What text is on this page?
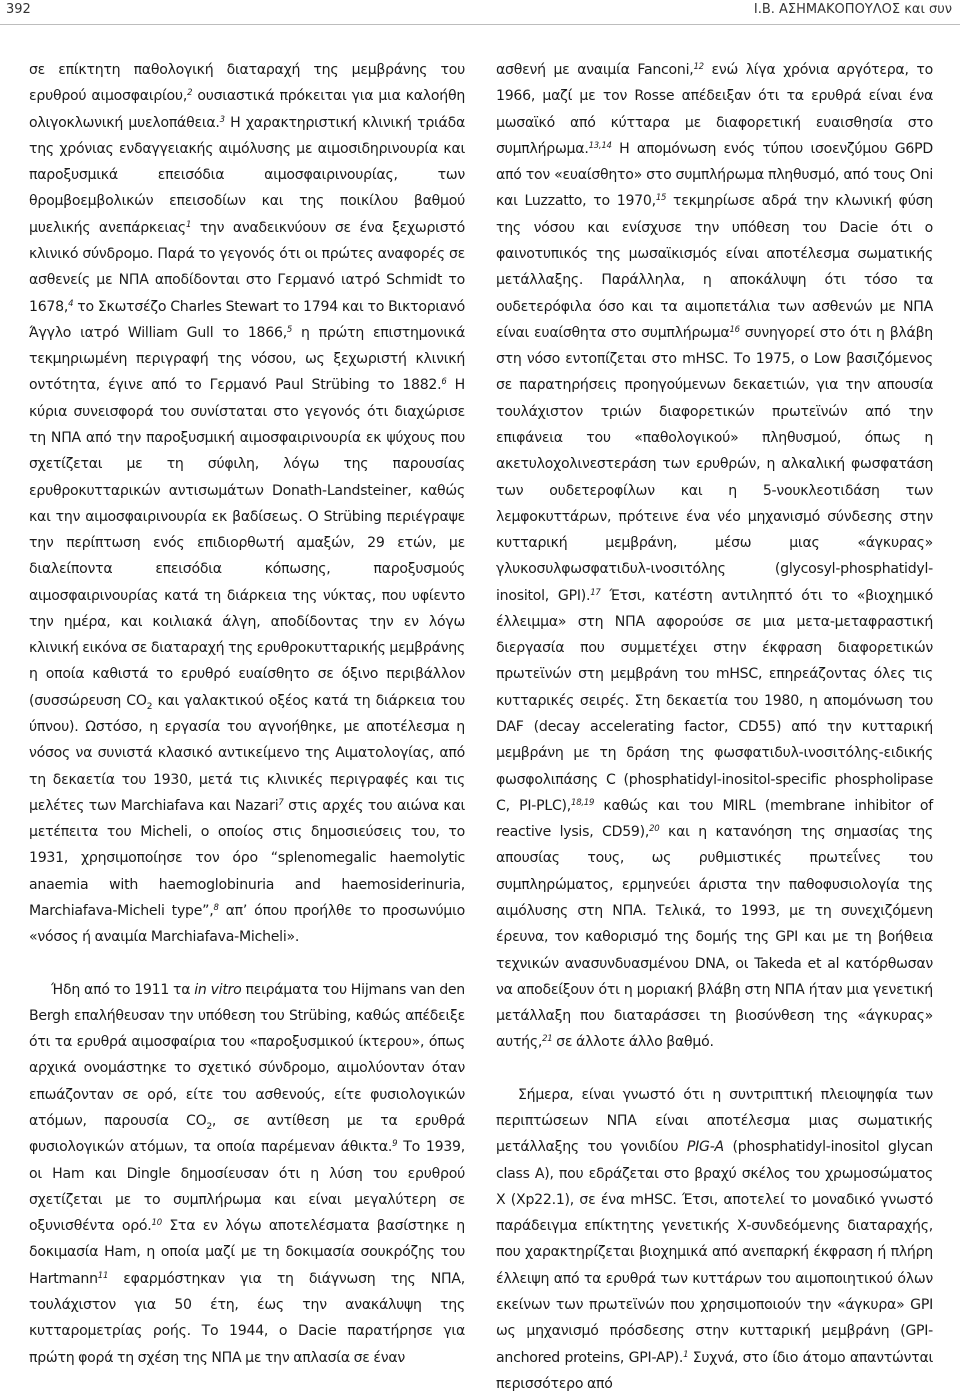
392	I.B. ΑΣΗΜΑΚΟΠΟΥΛΟΣ και συν

σε επίκτητη παθολογική διαταραχή της μεμβράνης του ερυθρού αιμοσφαιρίου,$^2$ ουσιαστικά πρόκειται για μια καλοήθη ολιγοκλωνική μυελοπάθεια.$^3$ Η χαρακτηριστική κλινική τριάδα της χρόνιας ενδαγγειακής αιμόλυσης με αιμοσιδηρινουρία και παροξυσμικά επεισόδια αιμοσφαιρινουρίας, των θρομβοεμβολικών επεισοδίων και της ποικίλου βαθμού μυελικής ανεπάρκειας$^1$ την αναδεικνύουν σε ένα ξεχωριστό κλινικό σύνδρομο. Παρά το γεγονός ότι οι πρώτες αναφορές σε ασθενείς με ΝΠΑ αποδίδονται στο Γερμανό ιατρό Schmidt το 1678,$^4$ το Σκωτσέζο Charles Stewart το 1794 και το Βικτοριανό Άγγλο ιατρό William Gull το 1866,$^5$ η πρώτη επιστημονικά τεκμηριωμένη περιγραφή της νόσου, ως ξεχωριστή κλινική οντότητα, έγινε από το Γερμανό Paul Strübing το 1882.$^6$ Η κύρια συνεισφορά του συνίσταται στο γεγονός ότι διαχώρισε τη ΝΠΑ από την παροξυσμική αιμοσφαιρινουρία εκ ψύχους που σχετίζεται με τη σύφιλη, λόγω της παρουσίας ερυθροκυτταρικών αντισωμάτων Donath-Landsteiner, καθώς και την αιμοσφαιρινουρία εκ βαδίσεως. Ο Strübing περιέγραψε την περίπτωση ενός επιδιορθωτή αμαξών, 29 ετών, με διαλείποντα επεισόδια κόπωσης, παροξυσμούς αιμοσφαιρινουρίας κατά τη διάρκεια της νύκτας, που υφίεντο την ημέρα, και κοιλιακά άλγη, αποδίδοντας την εν λόγω κλινική εικόνα σε διαταραχή της ερυθροκυτταρικής μεμβράνης η οποία καθιστά το ερυθρό ευαίσθητο σε όξινο περιβάλλον (συσσώρευση $CO_2$ και γαλακτικού οξέος κατά τη διάρκεια του ύπνου). Ωστόσο, η εργασία του αγνοήθηκε, με αποτέλεσμα η νόσος να συνιστά κλασικό αντικείμενο της Αιματολογίας, από τη δεκαετία του 1930, μετά τις κλινικές περιγραφές και τις μελέτες των Marchiafava και Nazari$^7$ στις αρχές του αιώνα και μετέπειτα του Micheli, ο οποίος στις δημοσιεύσεις του, το 1931, χρησιμοποίησε τον όρο “splenomegalic haemolytic anaemia with haemoglobinuria and haemosiderinuria, Marchiafava-Micheli type”,$^8$ απ’ όπου προήλθε το προσωνύμιο «νόσος ή αναιμία Marchiafava-Micheli».

Ήδη από το 1911 τα in vitro πειράματα του Hijmans van den Bergh επαλήθευσαν την υπόθεση του Strübing, καθώς απέδειξε ότι τα ερυθρά αιμοσφαίρια του «παροξυσμικού ίκτερου», όπως αρχικά ονομάστηκε το σχετικό σύνδρομο, αιμολύονταν όταν επωάζονταν σε ορό, είτε του ασθενούς, είτε φυσιολογικών ατόμων, παρουσία $CO_2$, σε αντίθεση με τα ερυθρά φυσιολογικών ατόμων, τα οποία παρέμεναν άθικτα.$^9$ Το 1939, οι Ham και Dingle δημοσίευσαν ότι η λύση του ερυθρού σχετίζεται με το συμπλήρωμα και είναι μεγαλύτερη σε οξυνισθέντα ορό.$^{10}$ Στα εν λόγω αποτελέσματα βασίστηκε η δοκιμασία Ham, η οποία μαζί με τη δοκιμασία σουκρόζης του Hartmann$^{11}$ εφαρμόστηκαν για τη διάγνωση της ΝΠΑ, τουλάχιστον για 50 έτη, έως την ανακάλυψη της κυτταρομετρίας ροής. Το 1944, ο Dacie παρατήρησε για πρώτη φορά τη σχέση της ΝΠΑ με την απλασία σε έναν

ασθενή με αναιμία Fanconi,$^{12}$ ενώ λίγα χρόνια αργότερα, το 1966, μαζί με τον Rosse απέδειξαν ότι τα ερυθρά είναι ένα μωσαϊκό από κύτταρα με διαφορετική ευαισθησία στο συμπλήρωμα.$^{13,14}$ Η απομόνωση ενός τύπου ισοενζύμου G6PD από τον «ευαίσθητο» στο συμπλήρωμα πληθυσμό, από τους Oni και Luzzatto, το 1970,15 τεκμηρίωσε αδρά την κλωνική φύση της νόσου και ενίσχυσε την υπόθεση του Dacie ότι ο φαινοτυπικός της μωσαϊκισμός είναι αποτέλεσμα σωματικής μετάλλαξης. Παράλληλα, η αποκάλυψη ότι τόσο τα ουδετερόφιλα όσο και τα αιμοπετάλια των ασθενών με ΝΠΑ είναι ευαίσθητα στο συμπλήρωμα$^{16}$ συνηγορεί στο ότι η βλάβη στη νόσο εντοπίζεται στο mHSC. Το 1975, ο Low βασιζόμενος σε παρατηρήσεις προηγούμενων δεκαετιών, για την απουσία τουλάχιστον τριών διαφορετικών πρωτεϊνών από την επιφάνεια του «παθολογικού» πληθυσμού, όπως η ακετυλοχολινεστεράση των ερυθρών, η αλκαλική φωσφατάση των ουδετεροφίλων και η 5-νουκλεοτιδάση των λεμφοκυττάρων, πρότεινε ένα νέο μηχανισμό σύνδεσης στην κυτταρική μεμβράνη, μέσω μιας «άγκυρας» γλυκοσυλφωσφατιδυλ-ινοσιτόλης (glycosyl-phosphatidyl-inositol, GPI).$^{17}$ Έτσι, κατέστη αντιληπτό ότι το «βιοχημικό έλλειμμα» στη ΝΠΑ αφορούσε σε μια μετα-μεταφραστική διεργασία που συμμετέχει στην έκφραση διαφορετικών πρωτεϊνών στη μεμβράνη του mHSC, επηρεάζοντας όλες τις κυτταρικές σειρές. Στη δεκαετία του 1980, η απομόνωση του DAF (decay accelerating factor, CD55) από την κυτταρική μεμβράνη με τη δράση της φωσφατιδυλ-ινοσιτόλης-ειδικής φωσφολιπάσης C (phosphatidyl-inositol-specific phospholipase C, PI-PLC),$^{18,19}$ καθώς και του MIRL (membrane inhibitor of reactive lysis, CD59),$^{20}$ και η κατανόηση της σημασίας της απουσίας τους, ως ρυθμιστικές πρωτεΐνες του συμπληρώματος, ερμηνεύει άριστα την παθοφυσιολογία της αιμόλυσης στη ΝΠΑ. Τελικά, το 1993, με τη συνεχιζόμενη έρευνα, τον καθορισμό της δομής της GPI και με τη βοήθεια τεχνικών ανασυνδυασμένου DNA, οι Takeda et al κατόρθωσαν να αποδείξουν ότι η μοριακή βλάβη στη ΝΠΑ ήταν μια γενετική μετάλλαξη που διαταράσσει τη βιοσύνθεση της «άγκυρας» αυτής,$^{21}$ σε άλλοτε άλλο βαθμό.

Σήμερα, είναι γνωστό ότι η συντριπτική πλειοψηφία των περιπτώσεων ΝΠΑ είναι αποτέλεσμα μιας σωματικής μετάλλαξης του γονιδίου PIG-A (phosphatidyl-inositol glycan class A), που εδράζεται στο βραχύ σκέλος του χρωμοσώματος Χ (Χp22.1), σε ένα mHSC. Έτσι, αποτελεί το μοναδικό γνωστό παράδειγμα επίκτητης γενετικής Χ-συνδεόμενης διαταραχής, που χαρακτηρίζεται βιοχημικά από ανεπαρκή έκφραση ή πλήρη έλλειψη από τα ερυθρά των κυττάρων του αιμοποιητικού όλων εκείνων των πρωτεϊνών που χρησιμοποιούν την «άγκυρα» GPI ως μηχανισμό πρόσδεσης στην κυτταρική μεμβράνη (GPI-anchored proteins, GPI-AP).$^1$ Συχνά, στο ίδιο άτομο απαντώνται περισσότερο από
